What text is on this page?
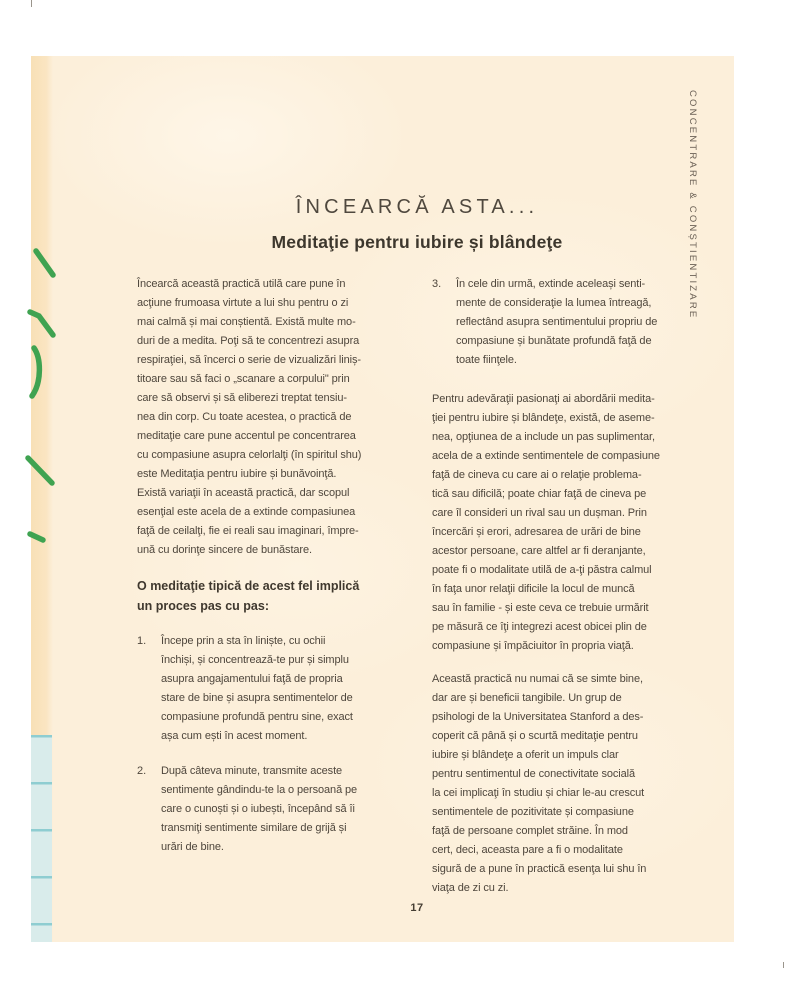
CONCENTRARE & CONȘTIENTIZARE
ÎNCEARCĂ ASTA...
Meditaţie pentru iubire și blândeţe
Încearcă această practică utilă care pune în
acţiune frumoasa virtute a lui shu pentru o zi
mai calmă și mai conștientă. Există multe mo-
duri de a medita. Poţi să te concentrezi asupra
respiraţiei, să încerci o serie de vizualizări liniș-
titoare sau să faci o „scanare a corpului" prin
care să observi și să eliberezi treptat tensiu-
nea din corp. Cu toate acestea, o practică de
meditaţie care pune accentul pe concentrarea
cu compasiune asupra celorlalţi (în spiritul shu)
este Meditaţia pentru iubire și bunăvoinţă.
Există variaţii în această practică, dar scopul
esenţial este acela de a extinde compasiunea
faţă de ceilalţi, fie ei reali sau imaginari, împre-
ună cu dorinţe sincere de bunăstare.
O meditaţie tipică de acest fel implică
un proces pas cu pas:
1.	Începe prin a sta în liniște, cu ochii
închiși, și concentrează-te pur și simplu
asupra angajamentului faţă de propria
stare de bine și asupra sentimentelor de
compasiune profundă pentru sine, exact
așa cum ești în acest moment.
2.	După câteva minute, transmite aceste
sentimente gândindu-te la o persoană pe
care o cunoști și o iubești, începând să îi
transmiţi sentimente similare de grijă și
urări de bine.
3.	În cele din urmă, extinde aceleași senti-
mente de consideraţie la lumea întreagă,
reflectând asupra sentimentului propriu de
compasiune și bunătate profundă faţă de
toate fiinţele.
Pentru adevăraţii pasionaţi ai abordării medita-
ţiei pentru iubire și blândeţe, există, de aseme-
nea, opţiunea de a include un pas suplimentar,
acela de a extinde sentimentele de compasiune
faţă de cineva cu care ai o relaţie problema-
tică sau dificilă; poate chiar faţă de cineva pe
care îl consideri un rival sau un dușman. Prin
încercări și erori, adresarea de urări de bine
acestor persoane, care altfel ar fi deranjante,
poate fi o modalitate utilă de a-ţi păstra calmul
în faţa unor relaţii dificile la locul de muncă
sau în familie - și este ceva ce trebuie urmărit
pe măsură ce îţi integrezi acest obicei plin de
compasiune și împăciuitor în propria viaţă.
Această practică nu numai că se simte bine,
dar are și beneficii tangibile. Un grup de
psihologi de la Universitatea Stanford a des-
coperit că până și o scurtă meditaţie pentru
iubire și blândeţe a oferit un impuls clar
pentru sentimentul de conectivitate socială
la cei implicaţi în studiu și chiar le-au crescut
sentimentele de pozitivitate și compasiune
faţă de persoane complet străine. În mod
cert, deci, aceasta pare a fi o modalitate
sigură de a pune în practică esenţa lui shu în
viaţa de zi cu zi.
17
